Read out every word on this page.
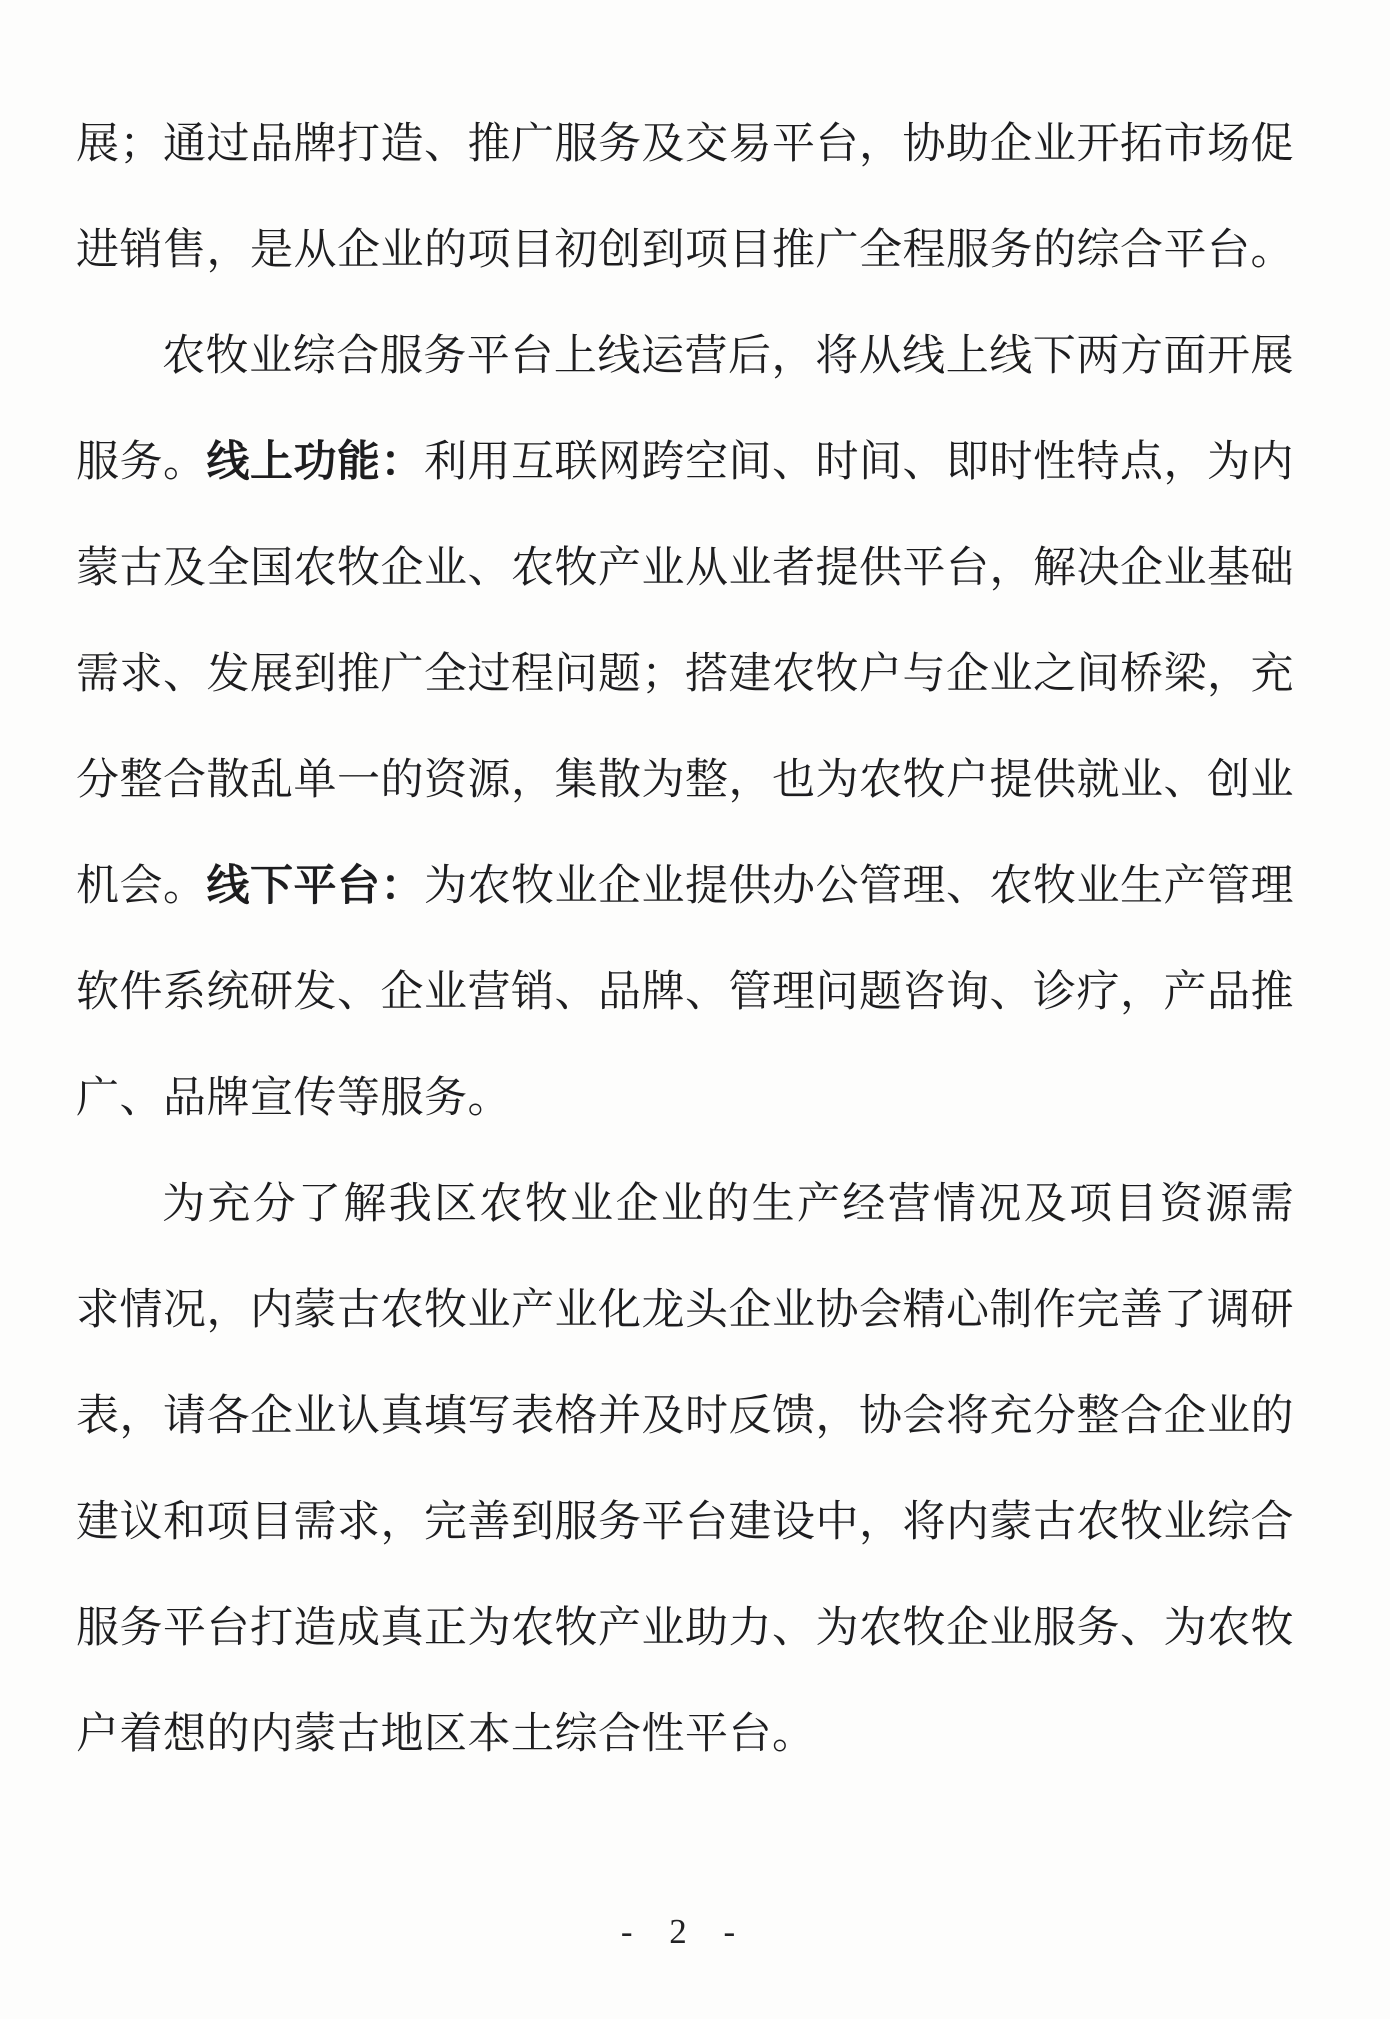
展；通过品牌打造、推广服务及交易平台，协助企业开拓市场促
进销售，是从企业的项目初创到项目推广全程服务的综合平台。
农牧业综合服务平台上线运营后，将从线上线下两方面开展
服务。线上功能：利用互联网跨空间、时间、即时性特点，为内
蒙古及全国农牧企业、农牧产业从业者提供平台，解决企业基础
需求、发展到推广全过程问题；搭建农牧户与企业之间桥梁，充
分整合散乱单一的资源，集散为整，也为农牧户提供就业、创业
机会。线下平台：为农牧业企业提供办公管理、农牧业生产管理
软件系统研发、企业营销、品牌、管理问题咨询、诊疗，产品推
广、品牌宣传等服务。
为充分了解我区农牧业企业的生产经营情况及项目资源需
求情况，内蒙古农牧业产业化龙头企业协会精心制作完善了调研
表，请各企业认真填写表格并及时反馈，协会将充分整合企业的
建议和项目需求，完善到服务平台建设中，将内蒙古农牧业综合
服务平台打造成真正为农牧产业助力、为农牧企业服务、为农牧
户着想的内蒙古地区本土综合性平台。
- 2 -
